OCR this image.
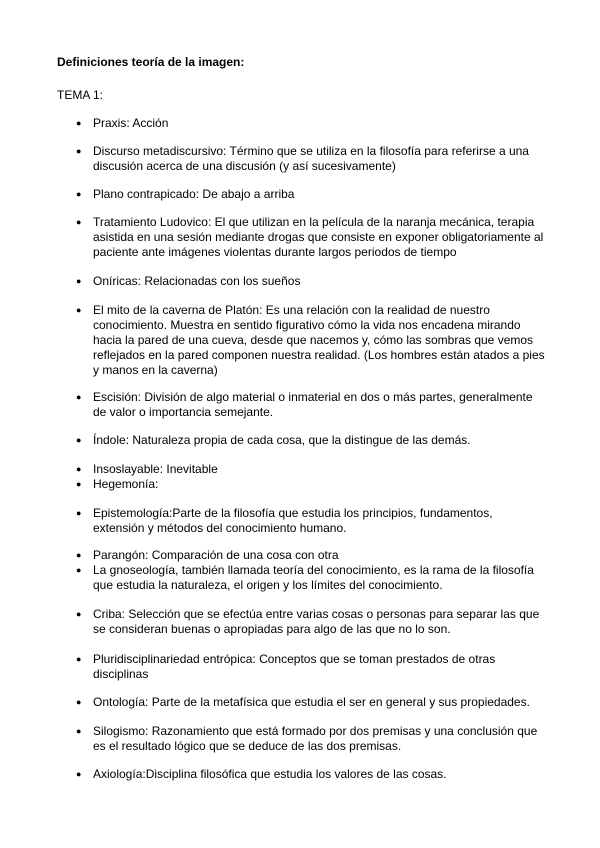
Definiciones teoría de la imagen:
TEMA 1:
● Praxis: Acción
● Discurso metadiscursivo: Término que se utiliza en la filosofía para referirse a una discusión acerca de una discusión (y así sucesivamente)
● Plano contrapicado: De abajo a arriba
● Tratamiento Ludovico: El que utilizan en la película de la naranja mecánica, terapia asistida en una sesión mediante drogas que consiste en exponer obligatoriamente al paciente ante imágenes violentas durante largos periodos de tiempo
● Oníricas: Relacionadas con los sueños
● El mito de la caverna de Platón: Es una relación con la realidad de nuestro conocimiento. Muestra en sentido figurativo cómo la vida nos encadena mirando hacia la pared de una cueva, desde que nacemos y, cómo las sombras que vemos reflejados en la pared componen nuestra realidad. (Los hombres están atados a pies y manos en la caverna)
● Escisión: División de algo material o inmaterial en dos o más partes, generalmente de valor o importancia semejante.
● Índole: Naturaleza propia de cada cosa, que la distingue de las demás.
● Insoslayable: Inevitable
● Hegemonía:
● Epistemología:Parte de la filosofía que estudia los principios, fundamentos, extensión y métodos del conocimiento humano.
● Parangón: Comparación de una cosa con otra
● La gnoseología, también llamada teoría del conocimiento, es la rama de la filosofía que estudia la naturaleza, el origen y los límites del conocimiento.
● Criba: Selección que se efectúa entre varias cosas o personas para separar las que se consideran buenas o apropiadas para algo de las que no lo son.
● Pluridisciplinariedad entrópica: Conceptos que se toman prestados de otras disciplinas
● Ontología: Parte de la metafísica que estudia el ser en general y sus propiedades.
● Silogismo: Razonamiento que está formado por dos premisas y una conclusión que es el resultado lógico que se deduce de las dos premisas.
● Axiología:Disciplina filosófica que estudia los valores de las cosas.
